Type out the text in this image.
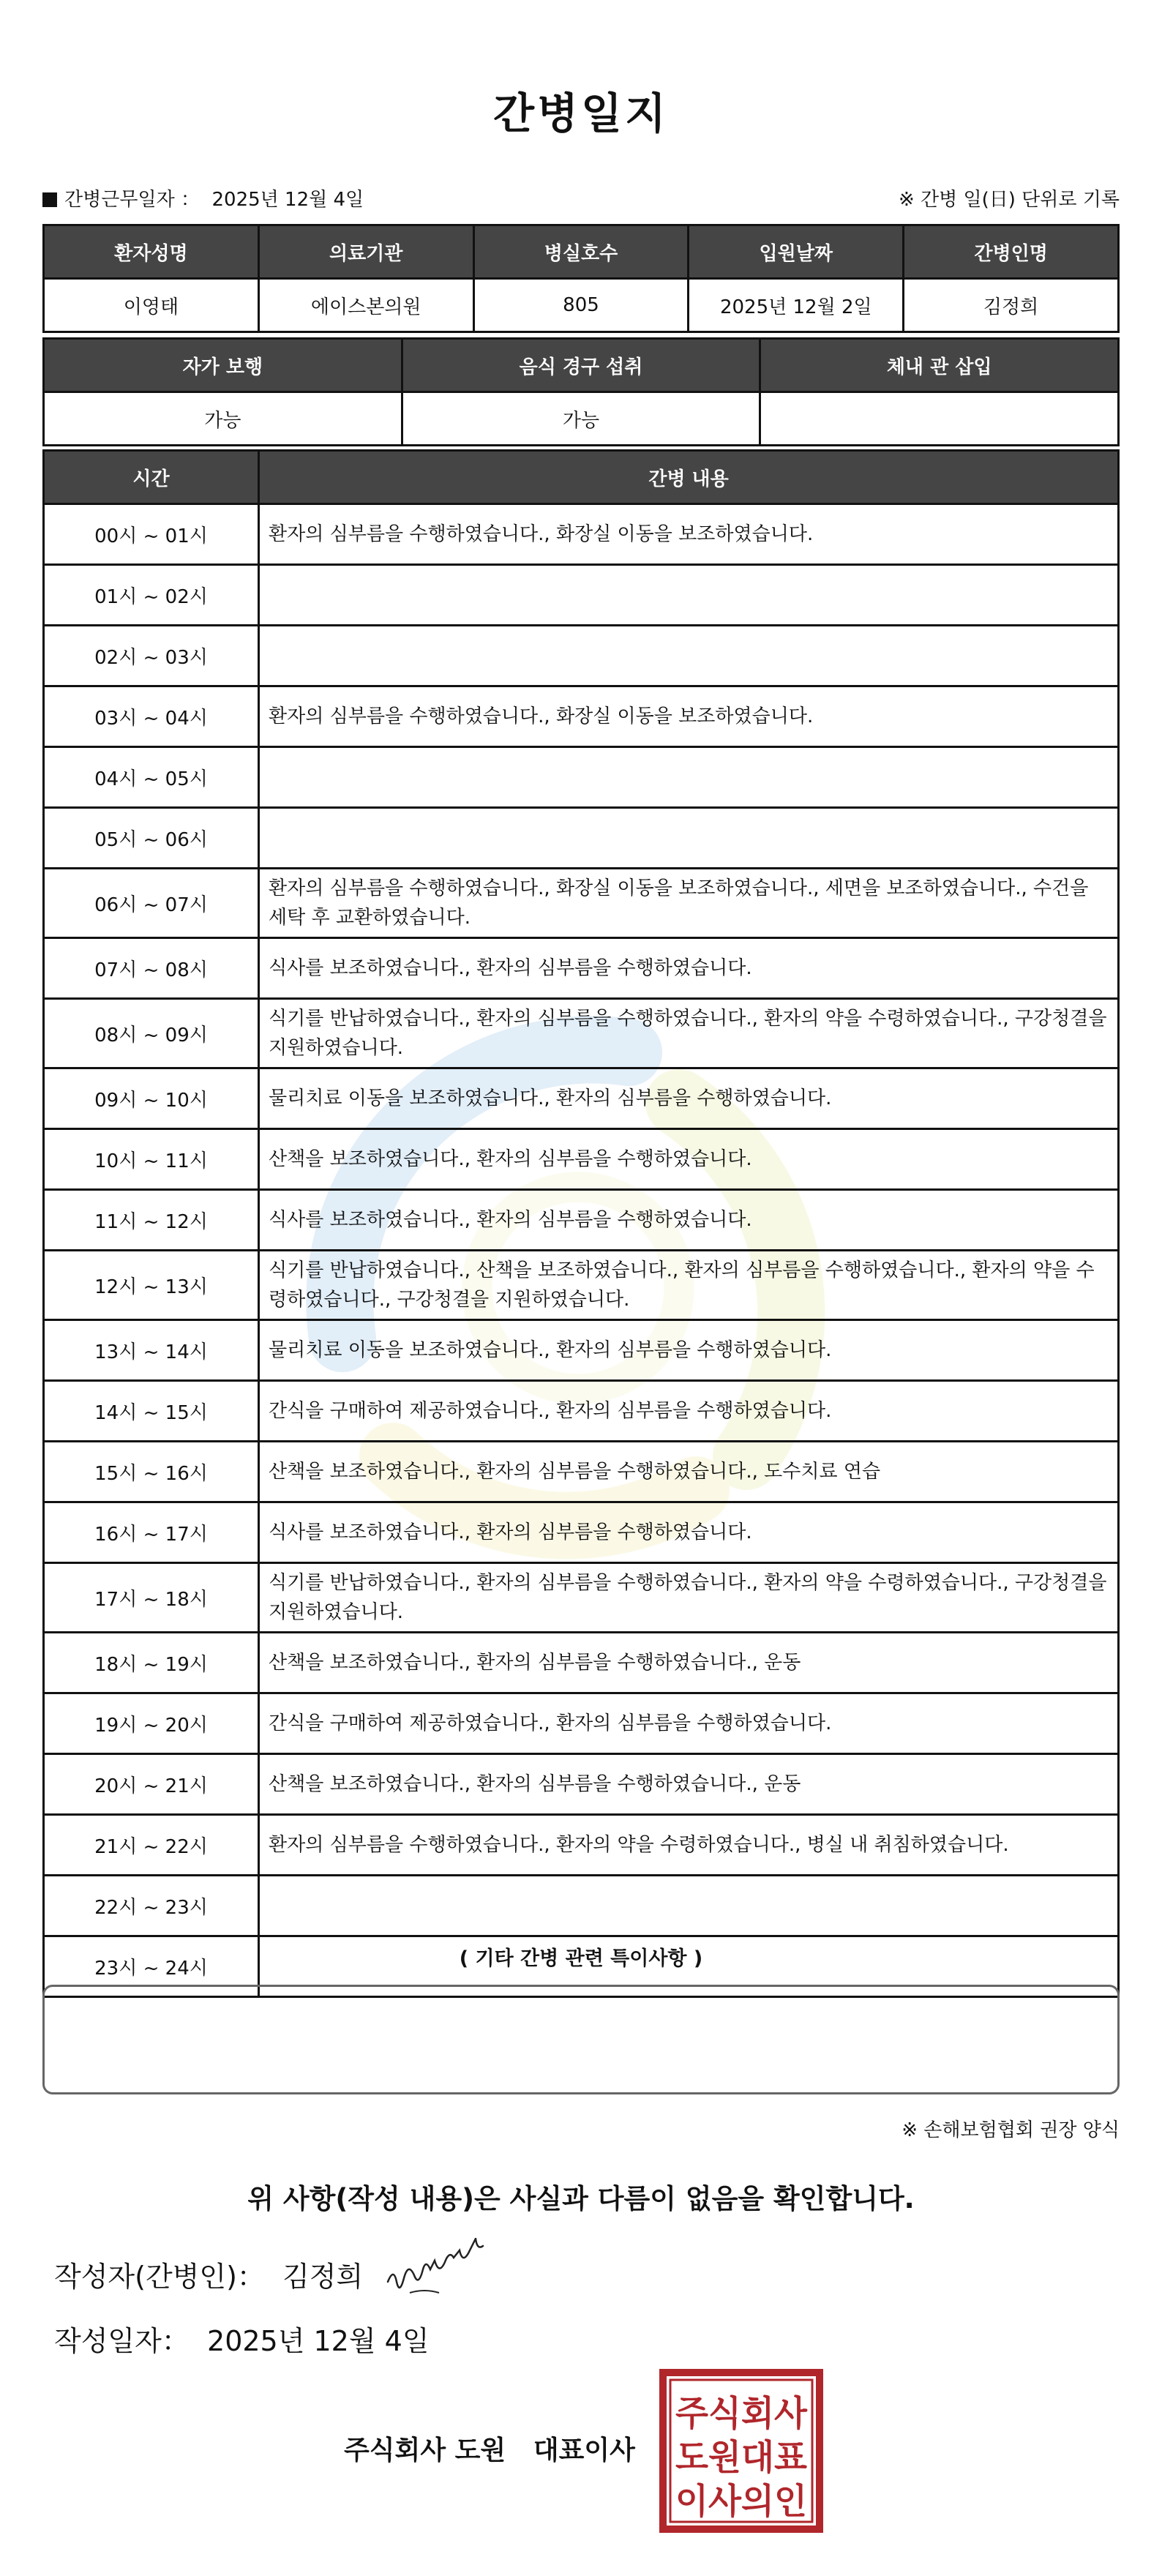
간병일지
간병근무일자 ： 2025년 12월 4일	※ 간병 일(日) 단위로 기록
환자성명	의료기관	병실호수	입원날짜	간병인명
이영태	에이스본의원	805	2025년 12월 2일	김정희
자가 보행	음식 경구 섭취	체내 관 삽입
가능	가능	
시간	간병 내용
00시 ~ 01시	환자의 심부름을 수행하였습니다., 화장실 이동을 보조하였습니다.
01시 ~ 02시	
02시 ~ 03시	
03시 ~ 04시	환자의 심부름을 수행하였습니다., 화장실 이동을 보조하였습니다.
04시 ~ 05시	
05시 ~ 06시	
06시 ~ 07시	환자의 심부름을 수행하였습니다., 화장실 이동을 보조하였습니다., 세면을 보조하였습니다., 수건을 세탁 후 교환하였습니다.
07시 ~ 08시	식사를 보조하였습니다., 환자의 심부름을 수행하였습니다.
08시 ~ 09시	식기를 반납하였습니다., 환자의 심부름을 수행하였습니다., 환자의 약을 수령하였습니다., 구강청결을 지원하였습니다.
09시 ~ 10시	물리치료 이동을 보조하였습니다., 환자의 심부름을 수행하였습니다.
10시 ~ 11시	산책을 보조하였습니다., 환자의 심부름을 수행하였습니다.
11시 ~ 12시	식사를 보조하였습니다., 환자의 심부름을 수행하였습니다.
12시 ~ 13시	식기를 반납하였습니다., 산책을 보조하였습니다., 환자의 심부름을 수행하였습니다., 환자의 약을 수령하였습니다., 구강청결을 지원하였습니다.
13시 ~ 14시	물리치료 이동을 보조하였습니다., 환자의 심부름을 수행하였습니다.
14시 ~ 15시	간식을 구매하여 제공하였습니다., 환자의 심부름을 수행하였습니다.
15시 ~ 16시	산책을 보조하였습니다., 환자의 심부름을 수행하였습니다., 도수치료 연습
16시 ~ 17시	식사를 보조하였습니다., 환자의 심부름을 수행하였습니다.
17시 ~ 18시	식기를 반납하였습니다., 환자의 심부름을 수행하였습니다., 환자의 약을 수령하였습니다., 구강청결을 지원하였습니다.
18시 ~ 19시	산책을 보조하였습니다., 환자의 심부름을 수행하였습니다., 운동
19시 ~ 20시	간식을 구매하여 제공하였습니다., 환자의 심부름을 수행하였습니다.
20시 ~ 21시	산책을 보조하였습니다., 환자의 심부름을 수행하였습니다., 운동
21시 ~ 22시	환자의 심부름을 수행하였습니다., 환자의 약을 수령하였습니다., 병실 내 취침하였습니다.
22시 ~ 23시	
23시 ~ 24시		( 기타 간병 관련 특이사항 )
※ 손해보험협회 권장 양식
위 사항(작성 내용)은 사실과 다름이 없음을 확인합니다.
작성자(간병인)： 김정희
작성일자： 2025년 12월 4일
주식회사 도원 대표이사
주식회사
도원대표
이사의인
